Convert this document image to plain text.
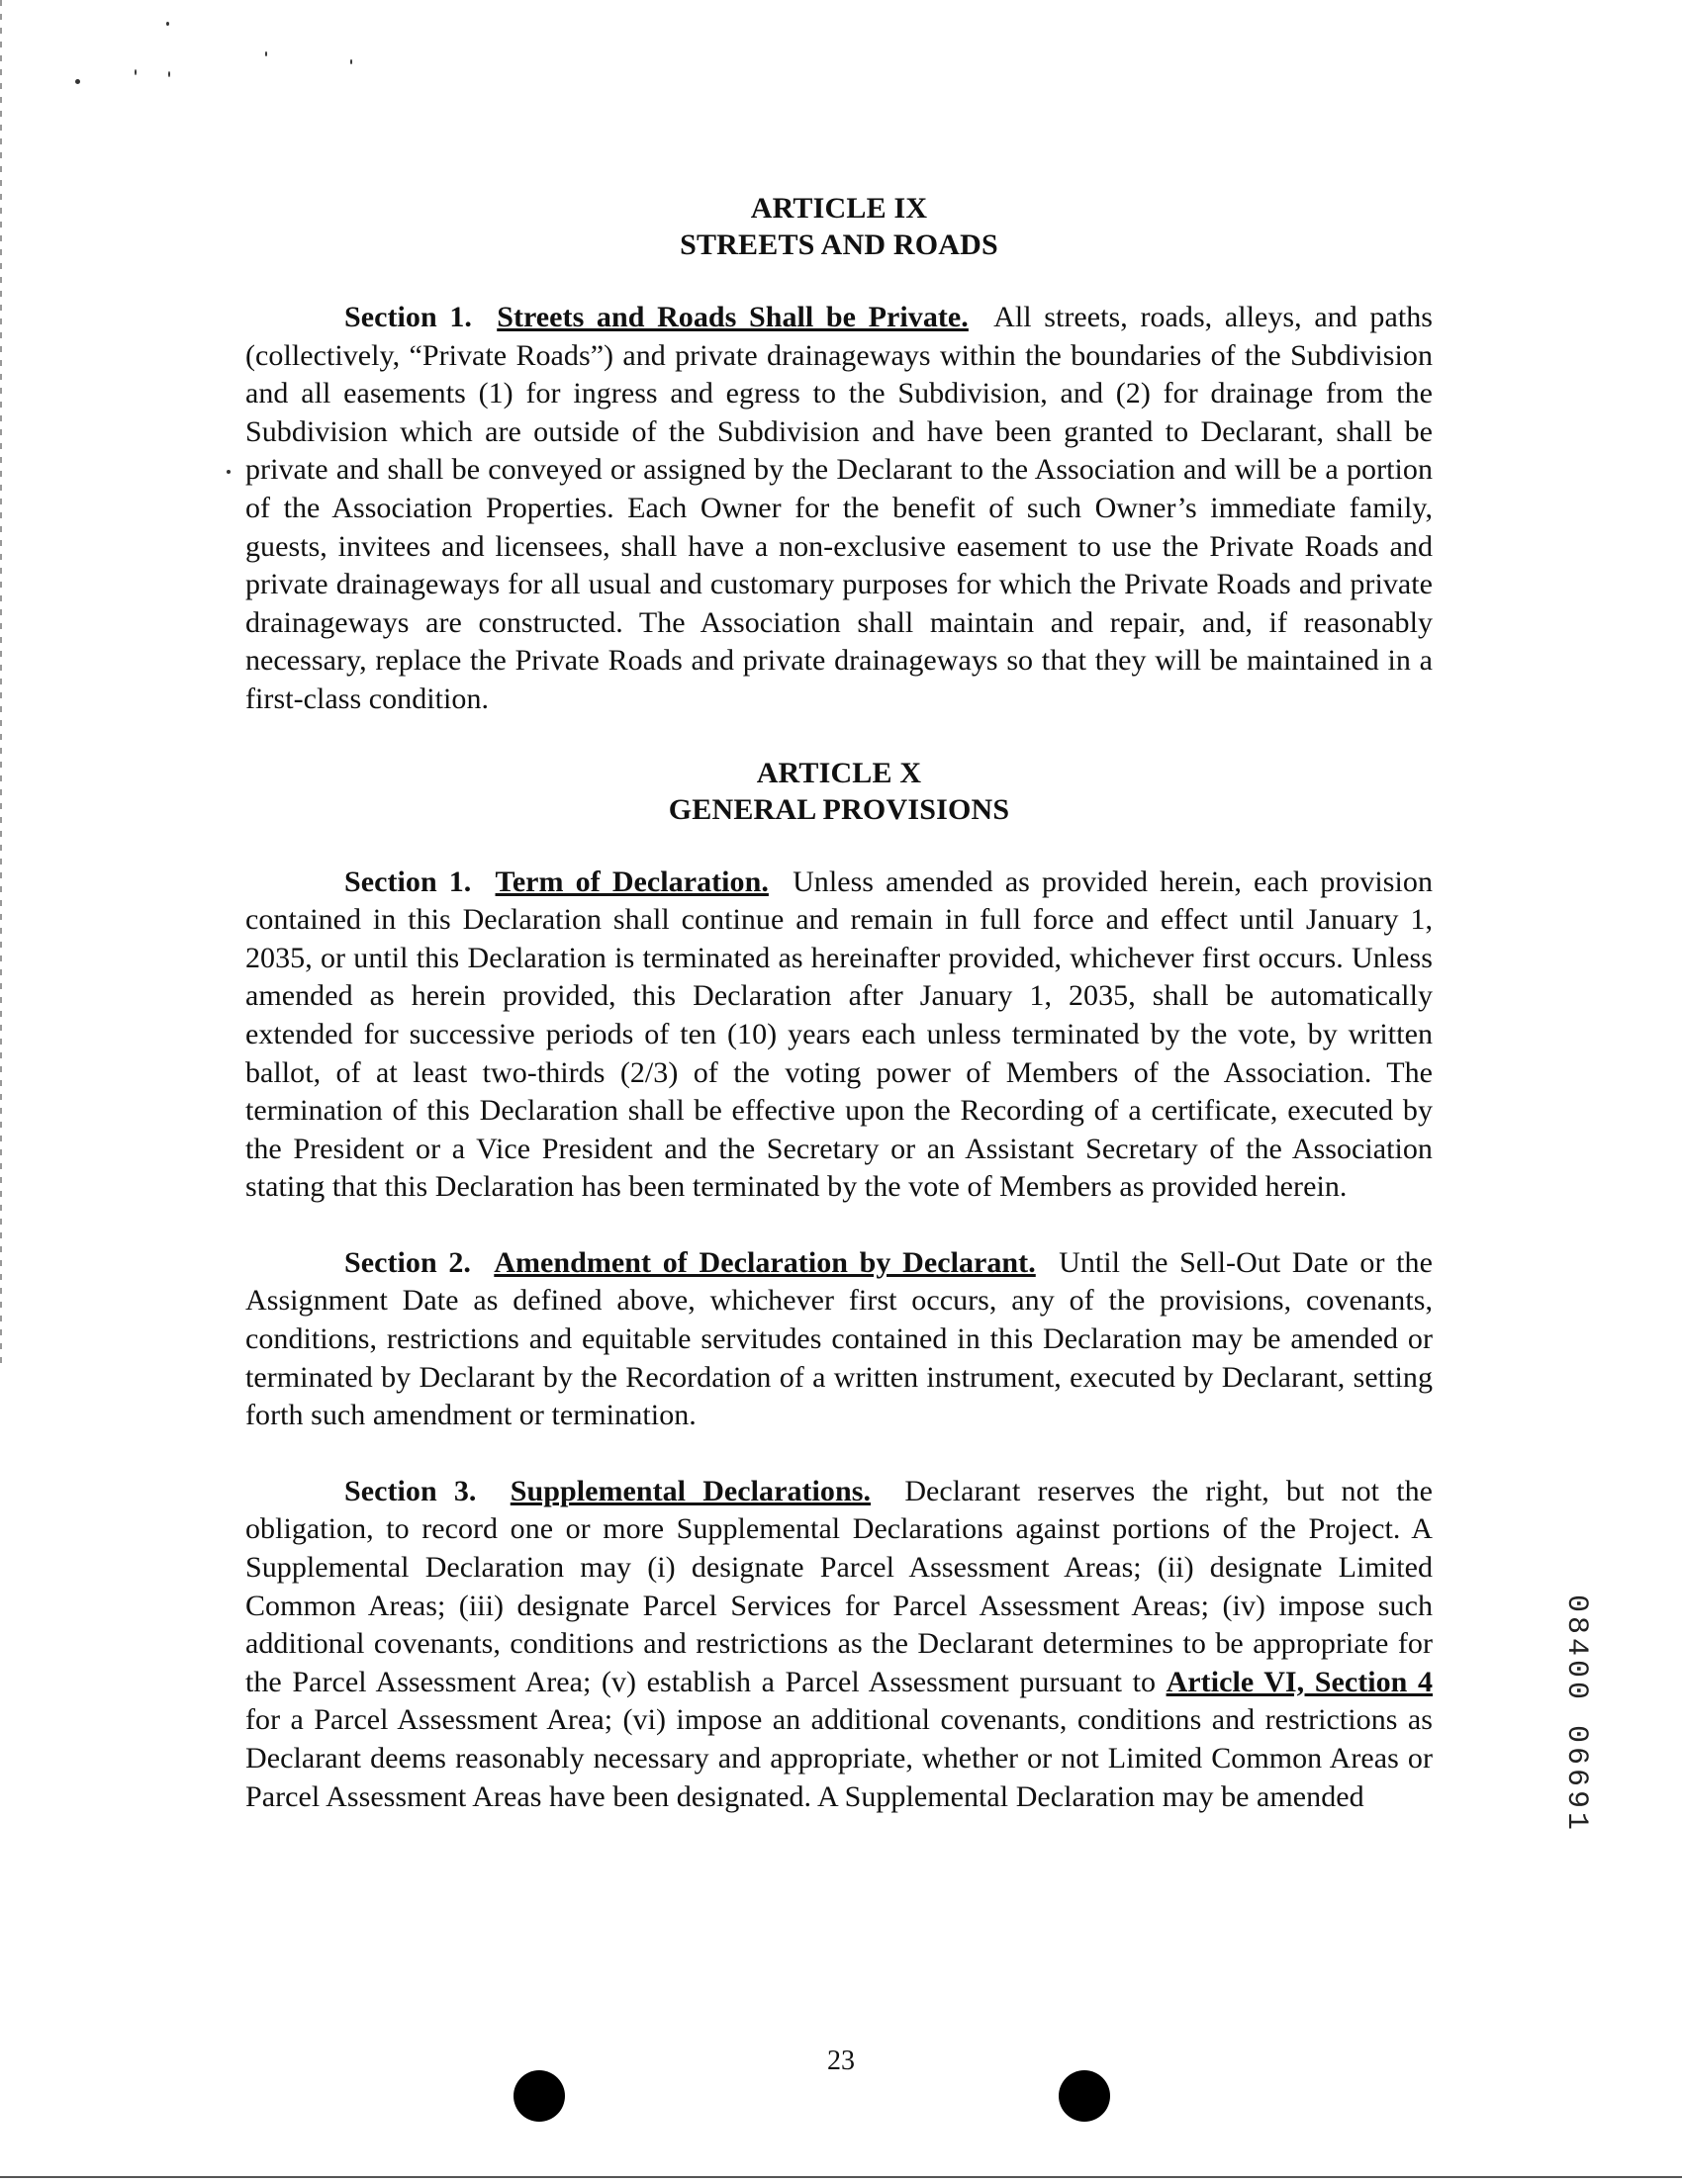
ARTICLE IX
STREETS AND ROADS

Section 1. Streets and Roads Shall be Private. All streets, roads, alleys, and paths (collectively, “Private Roads”) and private drainageways within the boundaries of the Subdivision and all easements (1) for ingress and egress to the Subdivision, and (2) for drainage from the Subdivision which are outside of the Subdivision and have been granted to Declarant, shall be private and shall be conveyed or assigned by the Declarant to the Association and will be a portion of the Association Properties. Each Owner for the benefit of such Owner’s immediate family, guests, invitees and licensees, shall have a non-exclusive easement to use the Private Roads and private drainageways for all usual and customary purposes for which the Private Roads and private drainageways are constructed. The Association shall maintain and repair, and, if reasonably necessary, replace the Private Roads and private drainageways so that they will be maintained in a first-class condition.

ARTICLE X
GENERAL PROVISIONS

Section 1. Term of Declaration. Unless amended as provided herein, each provision contained in this Declaration shall continue and remain in full force and effect until January 1, 2035, or until this Declaration is terminated as hereinafter provided, whichever first occurs. Unless amended as herein provided, this Declaration after January 1, 2035, shall be automatically extended for successive periods of ten (10) years each unless terminated by the vote, by written ballot, of at least two-thirds (2/3) of the voting power of Members of the Association. The termination of this Declaration shall be effective upon the Recording of a certificate, executed by the President or a Vice President and the Secretary or an Assistant Secretary of the Association stating that this Declaration has been terminated by the vote of Members as provided herein.

Section 2. Amendment of Declaration by Declarant. Until the Sell-Out Date or the Assignment Date as defined above, whichever first occurs, any of the provisions, covenants, conditions, restrictions and equitable servitudes contained in this Declaration may be amended or terminated by Declarant by the Recordation of a written instrument, executed by Declarant, setting forth such amendment or termination.

Section 3. Supplemental Declarations. Declarant reserves the right, but not the obligation, to record one or more Supplemental Declarations against portions of the Project. A Supplemental Declaration may (i) designate Parcel Assessment Areas; (ii) designate Limited Common Areas; (iii) designate Parcel Services for Parcel Assessment Areas; (iv) impose such additional covenants, conditions and restrictions as the Declarant determines to be appropriate for the Parcel Assessment Area; (v) establish a Parcel Assessment pursuant to Article VI, Section 4 for a Parcel Assessment Area; (vi) impose an additional covenants, conditions and restrictions as Declarant deems reasonably necessary and appropriate, whether or not Limited Common Areas or Parcel Assessment Areas have been designated. A Supplemental Declaration may be amended	08400 06691
23
